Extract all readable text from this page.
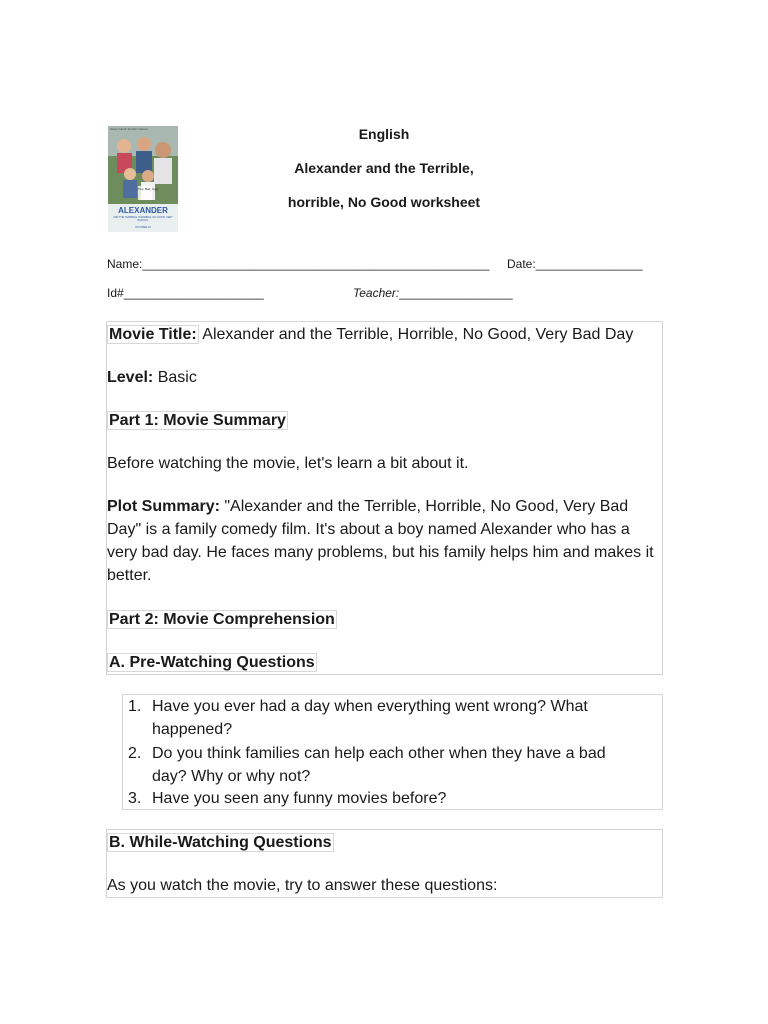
English
Alexander and the Terrible,
horrible, No Good worksheet
Steve Carell Jennifer Garner
Tiny, Bad, Ugly
ALEXANDER
AND THE TERRIBLE, HORRIBLE, NO GOOD, VERY BAD DAY
OCTOBER 10
Name:____________________________________________________ Date:________________
Id#_____________________	Teacher:_________________
Movie Title: Alexander and the Terrible, Horrible, No Good, Very Bad Day
Level: Basic
Part 1: Movie Summary
Before watching the movie, let's learn a bit about it.
Plot Summary: "Alexander and the Terrible, Horrible, No Good, Very Bad Day" is a family comedy film. It's about a boy named Alexander who has a very bad day. He faces many problems, but his family helps him and makes it better.
Part 2: Movie Comprehension
A. Pre-Watching Questions
1. Have you ever had a day when everything went wrong? What happened?
2. Do you think families can help each other when they have a bad day? Why or why not?
3. Have you seen any funny movies before?
B. While-Watching Questions
As you watch the movie, try to answer these questions:
